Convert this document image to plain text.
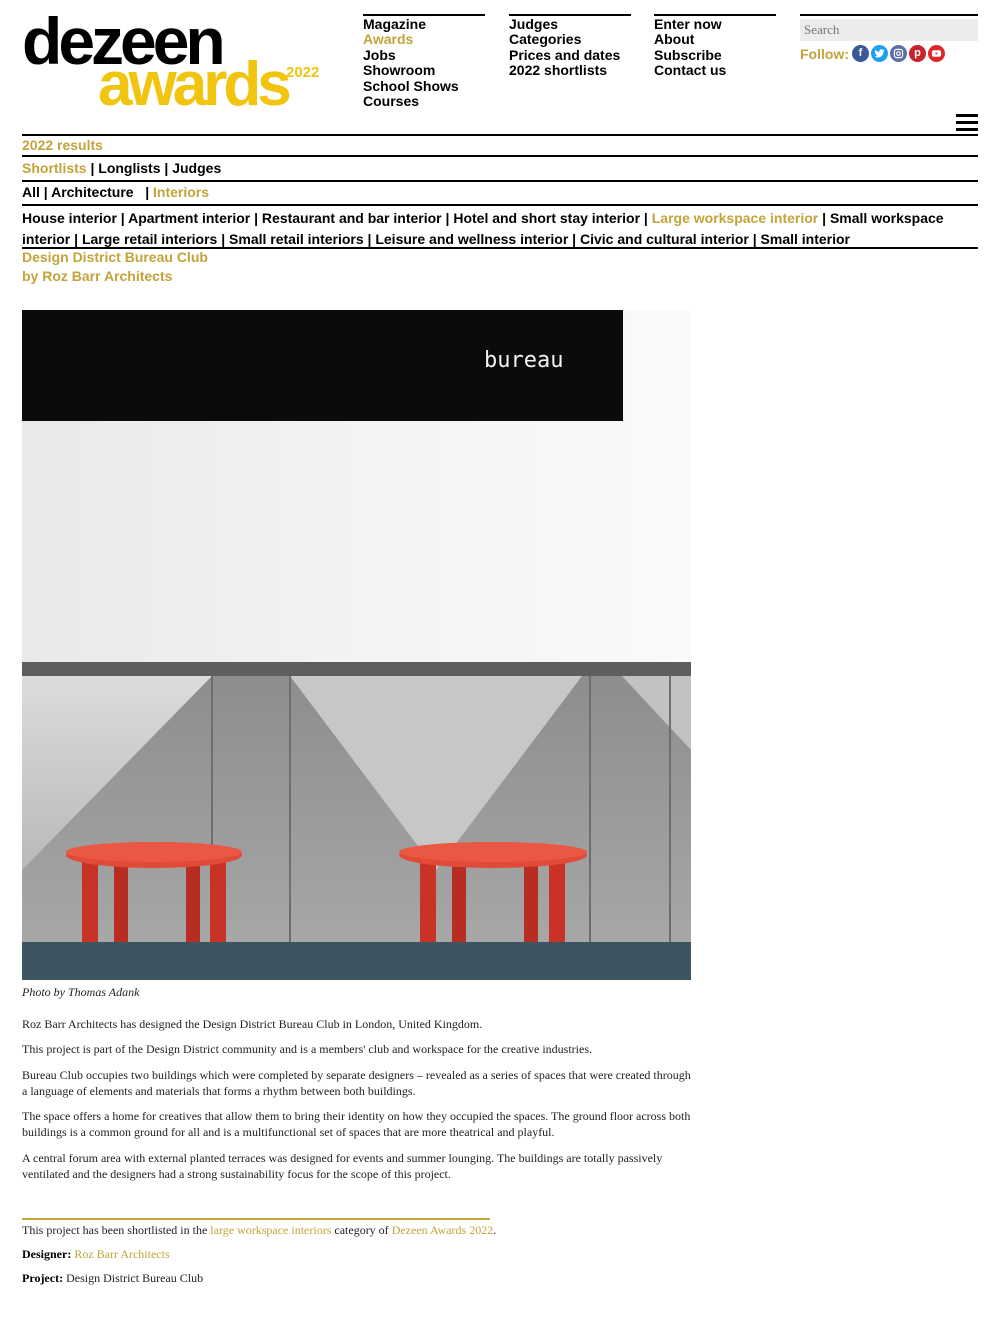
dezeen
awards
2022
Magazine
Awards
Jobs
Showroom
School Shows
Courses
Judges
Categories
Prices and dates
2022 shortlists
Enter now
About
Subscribe
Contact us
Search
Follow: f	p
2022 results
Shortlists | Longlists | Judges
All | Architecture   | Interiors
House interior | Apartment interior | Restaurant and bar interior | Hotel and short stay interior | Large workspace interior | Small workspace interior | Large retail interiors | Small retail interiors | Leisure and wellness interior | Civic and cultural interior | Small interior
Design District Bureau Club
by Roz Barr Architects
bureau
Photo by Thomas Adank

Roz Barr Architects has designed the Design District Bureau Club in London, United Kingdom.

This project is part of the Design District community and is a members' club and workspace for the creative industries.

Bureau Club occupies two buildings which were completed by separate designers – revealed as a series of spaces that were created through a language of elements and materials that forms a rhythm between both buildings.

The space offers a home for creatives that allow them to bring their identity on how they occupied the spaces. The ground floor across both buildings is a common ground for all and is a multifunctional set of spaces that are more theatrical and playful.

A central forum area with external planted terraces was designed for events and summer lounging. The buildings are totally passively ventilated and the designers had a strong sustainability focus for the scope of this project.

This project has been shortlisted in the large workspace interiors category of Dezeen Awards 2022.

Designer: Roz Barr Architects

Project: Design District Bureau Club
